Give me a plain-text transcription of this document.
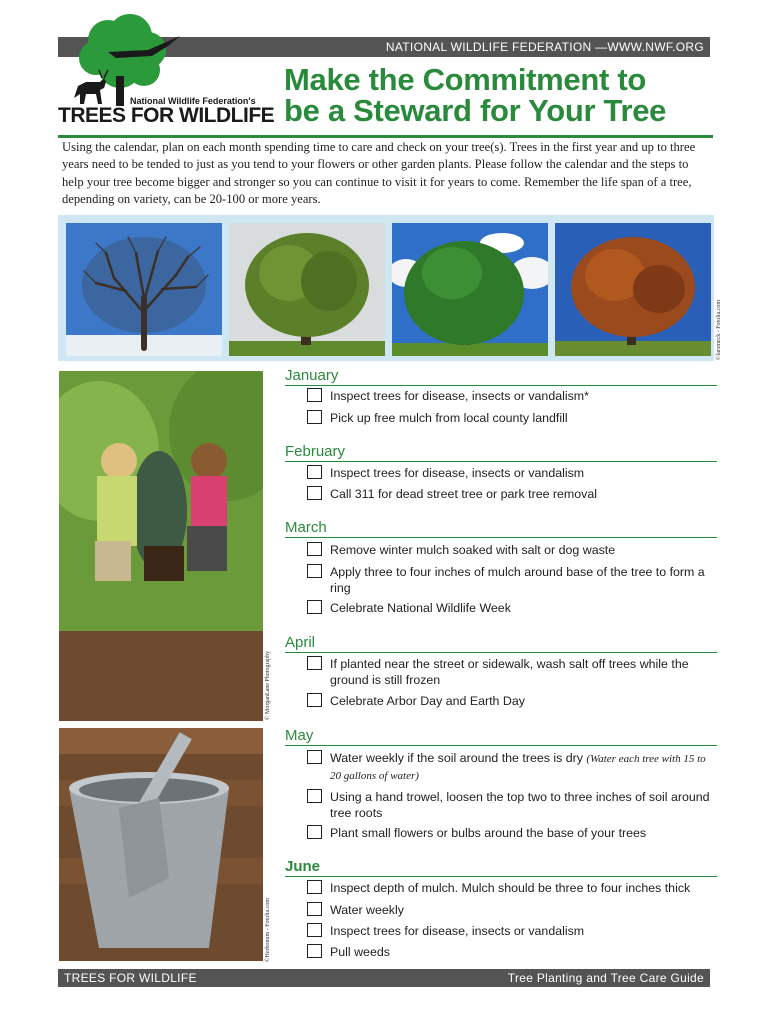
NATIONAL WILDLIFE FEDERATION —WWW.NWF.ORG
National Wildlife Federation's
TREES FOR WILDLIFE
Make the Commitment to
be a Steward for Your Tree

Using the calendar, plan on each month spending time to care and check on your tree(s). Trees in the first year and up to three years need to be tended to just as you tend to your flowers or other garden plants. Please follow the calendar and the steps to help your tree become bigger and stronger so you can continue to visit it for years to come. Remember the life span of a tree, depending on variety, can be 20-100 or more years.

©larsmeck - Fotolia.com
© MorganLane Photography
©Herbonum - Fotolia.com
January
Inspect trees for disease, insects or vandalism*
Pick up free mulch from local county landfill
February
Inspect trees for disease, insects or vandalism
Call 311 for dead street tree or park tree removal
March
Remove winter mulch soaked with salt or dog waste
Apply three to four inches of mulch around base of the tree to form a ring
Celebrate National Wildlife Week
April
If planted near the street or sidewalk, wash salt off trees while the ground is still frozen
Celebrate Arbor Day and Earth Day
May
Water weekly if the soil around the trees is dry (Water each tree with 15 to 20 gallons of water)
Using a hand trowel, loosen the top two to three inches of soil around tree roots
Plant small flowers or bulbs around the base of your trees
June
Inspect depth of mulch. Mulch should be three to four inches thick
Water weekly
Inspect trees for disease, insects or vandalism
Pull weeds
TREES FOR WILDLIFE	Tree Planting and Tree Care Guide
